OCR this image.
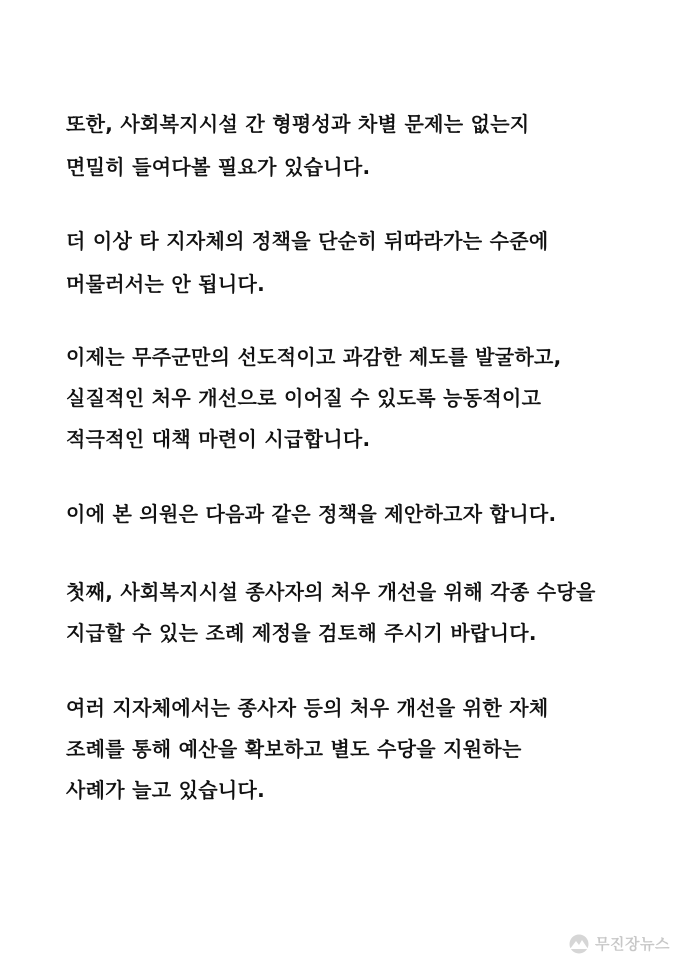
또한, 사회복지시설 간 형평성과 차별 문제는 없는지
면밀히 들여다볼 필요가 있습니다.
더 이상 타 지자체의 정책을 단순히 뒤따라가는 수준에
머물러서는 안 됩니다.
이제는 무주군만의 선도적이고 과감한 제도를 발굴하고,
실질적인 처우 개선으로 이어질 수 있도록 능동적이고
적극적인 대책 마련이 시급합니다.
이에 본 의원은 다음과 같은 정책을 제안하고자 합니다.
첫째, 사회복지시설 종사자의 처우 개선을 위해 각종 수당을
지급할 수 있는 조례 제정을 검토해 주시기 바랍니다.
여러 지자체에서는 종사자 등의 처우 개선을 위한 자체
조례를 통해 예산을 확보하고 별도 수당을 지원하는
사례가 늘고 있습니다.
무진장뉴스
